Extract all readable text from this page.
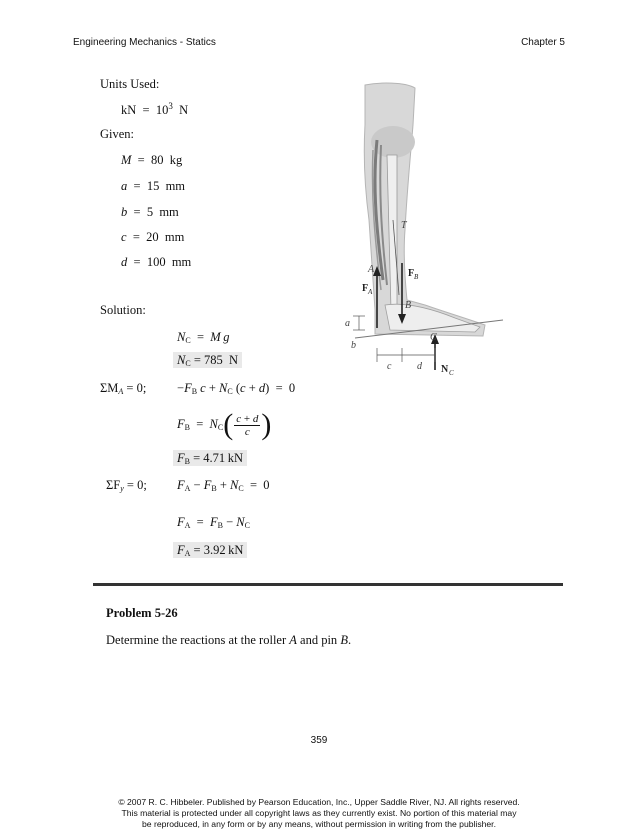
Engineering Mechanics - Statics	Chapter 5
Units Used:
kN = $10^3$ N
Given:
M  =  80 kg
a  =  15 mm
b  =  5 mm
c  =  20 mm
d  =  100 mm
Solution:
$N_C = M$  g
$N_C = 785$ N
$\Sigma M_A = 0$; $-F_B$ $c + N_C$ (c + d)  =  0
$F_B = N_C( \frac{c + d}{c}$ )
$F_B = 4.71$  kN
$\Sigma F_y = 0$; $F_A - F_B + N_C = 0$
$F_A = F_B - N_C$
$F_A = 3.92$  kN
A
T
F A
F B
B
C
N C
a
b
c	d
Problem 5-26
Determine the reactions at the roller A and pin B.
359
© 2007 R. C. Hibbeler. Published by Pearson Education, Inc., Upper Saddle River, NJ. All rights reserved.
This material is protected under all copyright laws as they currently exist. No portion of this material may
be reproduced, in any form or by any means, without permission in writing from the publisher.
